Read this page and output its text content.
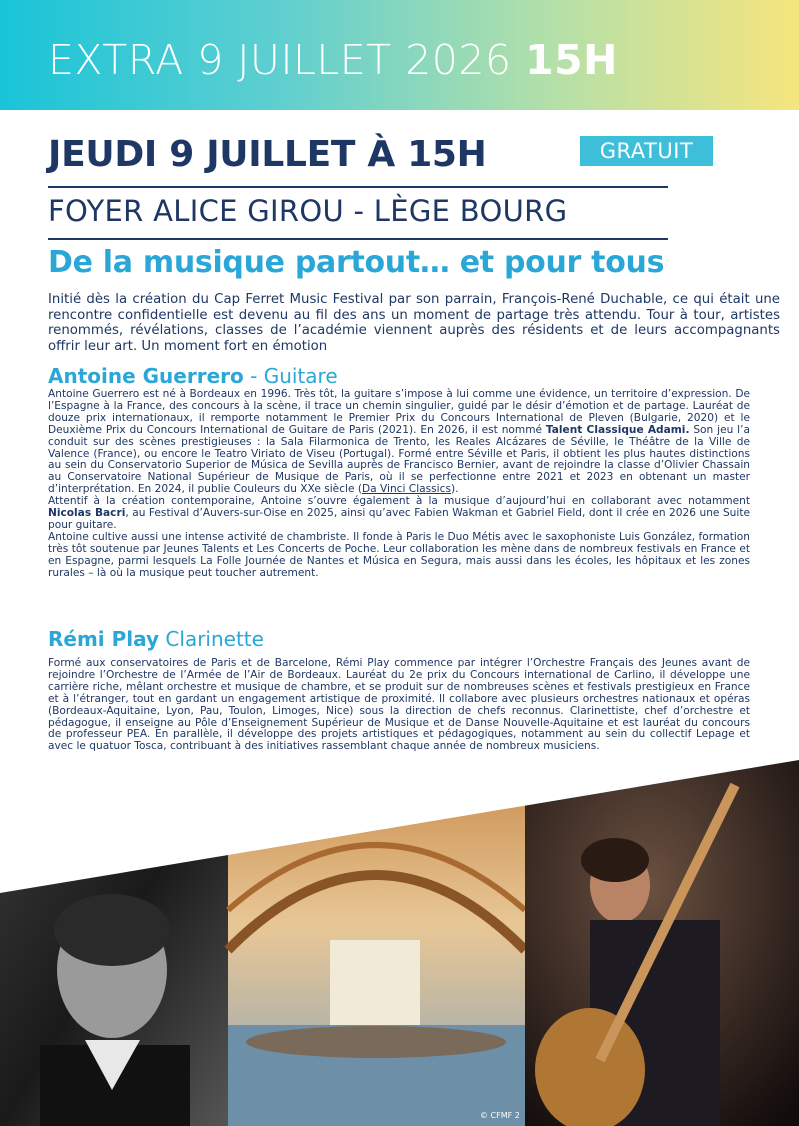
EXTRA 9 JUILLET 2026 15H
JEUDI 9 JUILLET À 15H	GRATUIT
FOYER ALICE GIROU - LÈGE BOURG
De la musique partout… et pour tous
Initié dès la création du Cap Ferret Music Festival par son parrain, François-René Duchable, ce qui était une rencontre confidentielle est devenu au fil des ans un moment de partage très attendu. Tour à tour, artistes renommés, révélations, classes de l’académie viennent auprès des résidents et de leurs accompagnants offrir leur art. Un moment fort en émotion
Antoine Guerrero - Guitare

Antoine Guerrero est né à Bordeaux en 1996. Très tôt, la guitare s’impose à lui comme une évidence, un territoire d’expression. De l’Espagne à la France, des concours à la scène, il trace un chemin singulier, guidé par le désir d’émotion et de partage. Lauréat de douze prix internationaux, il remporte notamment le Premier Prix du Concours International de Pleven (Bulgarie, 2020) et le Deuxième Prix du Concours International de Guitare de Paris (2021). En 2026, il est nommé Talent Classique Adami. Son jeu l’a conduit sur des scènes prestigieuses : la Sala Filarmonica de Trento, les Reales Alcázares de Séville, le Théâtre de la Ville de Valence (France), ou encore le Teatro Viriato de Viseu (Portugal). Formé entre Séville et Paris, il obtient les plus hautes distinctions au sein du Conservatorio Superior de Música de Sevilla auprès de Francisco Bernier, avant de rejoindre la classe d’Olivier Chassain au Conservatoire National Supérieur de Musique de Paris, où il se perfectionne entre 2021 et 2023 en obtenant un master d’interprétation. En 2024, il publie Couleurs du XXe siècle (Da Vinci Classics).

Attentif à la création contemporaine, Antoine s’ouvre également à la musique d’aujourd’hui en collaborant avec notamment Nicolas Bacri, au Festival d’Auvers-sur-Oise en 2025, ainsi qu’avec Fabien Wakman et Gabriel Field, dont il crée en 2026 une Suite pour guitare.

Antoine cultive aussi une intense activité de chambriste. Il fonde à Paris le Duo Métis avec le saxophoniste Luis González, formation très tôt soutenue par Jeunes Talents et Les Concerts de Poche. Leur collaboration les mène dans de nombreux festivals en France et en Espagne, parmi lesquels La Folle Journée de Nantes et Música en Segura, mais aussi dans les écoles, les hôpitaux et les zones rurales – là où la musique peut toucher autrement.

Rémi Play Clarinette

Formé aux conservatoires de Paris et de Barcelone, Rémi Play commence par intégrer l’Orchestre Français des Jeunes avant de rejoindre l’Orchestre de l’Armée de l’Air de Bordeaux. Lauréat du 2e prix du Concours international de Carlino, il développe une carrière riche, mêlant orchestre et musique de chambre, et se produit sur de nombreuses scènes et festivals prestigieux en France et à l’étranger, tout en gardant un engagement artistique de proximité. Il collabore avec plusieurs orchestres nationaux et opéras (Bordeaux-Aquitaine, Lyon, Pau, Toulon, Limoges, Nice) sous la direction de chefs reconnus. Clarinettiste, chef d’orchestre et pédagogue, il enseigne au Pôle d’Enseignement Supérieur de Musique et de Danse Nouvelle-Aquitaine et est lauréat du concours de professeur PEA. En parallèle, il développe des projets artistiques et pédagogiques, notamment au sein du collectif Lepage et avec le quatuor Tosca, contribuant à des initiatives rassemblant chaque année de nombreux musiciens.

© CFMF 2
